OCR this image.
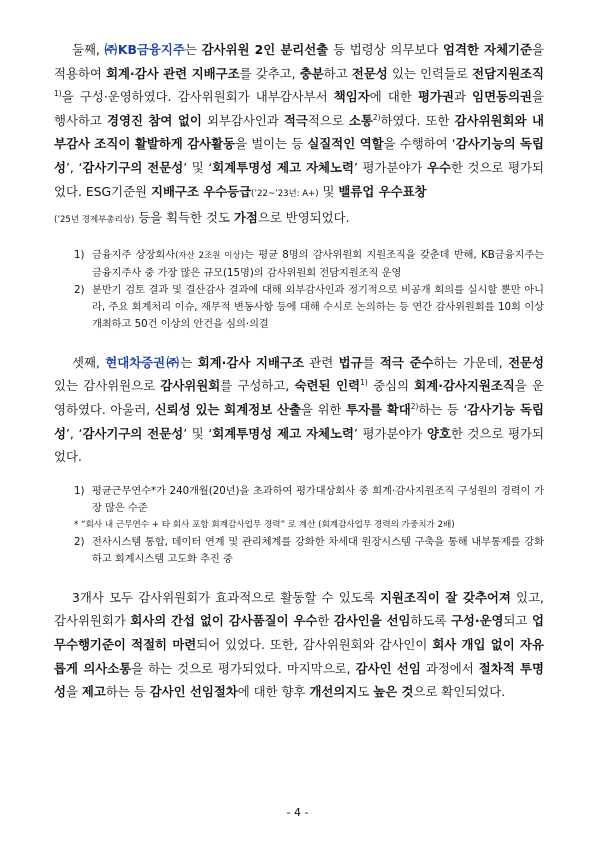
둘째, ㈜KB금융지주는 감사위원 2인 분리선출 등 법령상 의무보다 엄격한 자체기준을 적용하여 회계·감사 관련 지배구조를 갖추고, 충분하고 전문성 있는 인력들로 전담지원조직$^{1)}$을 구성·운영하였다. 감사위원회가 내부감사부서 책임자에 대한 평가권과 임면동의권을 행사하고 경영진 참여 없이 외부감사인과 적극적으로 소통$^{2)}$하였다. 또한 감사위원회와 내부감사 조직이 활발하게 감사활동을 벌이는 등 실질적인 역할을 수행하여 ‘감사기능의 독립성’, ‘감사기구의 전문성’ 및 ‘회계투명성 제고 자체노력’ 평가분야가 우수한 것으로 평가되었다. ESG기준원 지배구조 우수등급(’22~’23년: A+) 및 밸류업 우수표창
(’25년 경제부총리상) 등을 획득한 것도 가점으로 반영되었다.

1) 금융지주 상장회사(자산 2조원 이상)는 평균 8명의 감사위원회 지원조직을 갖춘데 반해, KB금융지주는 금융지주사 중 가장 많은 규모(15명)의 감사위원회 전담지원조직 운영
2) 분반기 검토 결과 및 결산감사 결과에 대해 외부감사인과 정기적으로 비공개 회의를 실시할 뿐만 아니라, 주요 회계처리 이슈, 재무적 변동사항 등에 대해 수시로 논의하는 등 연간 감사위원회를 10회 이상 개최하고 50건 이상의 안건을 심의·의결

셋째, 현대차증권㈜는 회계·감사 지배구조 관련 법규를 적극 준수하는 가운데, 전문성 있는 감사위원으로 감사위원회를 구성하고, 숙련된 인력$^{1)}$ 중심의 회계·감사지원조직을 운영하였다. 아울러, 신뢰성 있는 회계정보 산출을 위한 투자를 확대$^{2)}$하는 등 ‘감사기능 독립성’, ‘감사기구의 전문성’ 및 ‘회계투명성 제고 자체노력’ 평가분야가 양호한 것으로 평가되었다.

1) 평균근무연수*가 240개월(20년)을 초과하여 평가대상회사 중 회계·감사지원조직 구성원의 경력이 가장 많은 수준
* “회사 내 근무연수 + 타 회사 포함 회계감사업무 경력” 로 계산 (회계감사업무 경력의 가중치가 2배)
2) 전사시스템 통합, 데이터 연계 및 관리체계를 강화한 차세대 원장시스템 구축을 통해 내부통제를 강화하고 회계시스템 고도화 추진 중

3개사 모두 감사위원회가 효과적으로 활동할 수 있도록 지원조직이 잘 갖추어져 있고, 감사위원회가 회사의 간섭 없이 감사품질이 우수한 감사인을 선임하도록 구성·운영되고 업무수행기준이 적절히 마련되어 있었다. 또한, 감사위원회와 감사인이 회사 개입 없이 자유롭게 의사소통을 하는 것으로 평가되었다. 마지막으로, 감사인 선임 과정에서 절차적 투명성을 제고하는 등 감사인 선임절차에 대한 향후 개선의지도 높은 것으로 확인되었다.

- 4 -
